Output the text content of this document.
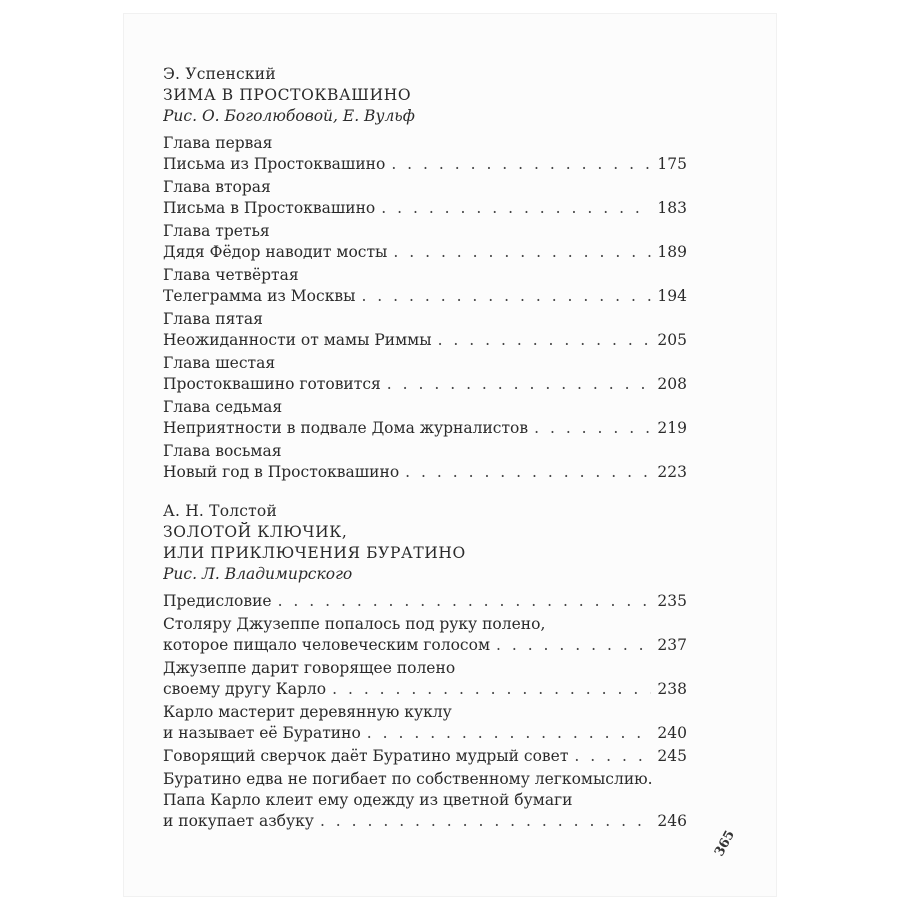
Э. Успенский
ЗИМА В ПРОСТОКВАШИНО
Рис. О. Боголюбовой, Е. Вульф
Глава первая
Письма из Простоквашино . . .	175
Глава вторая
Письма в Простоквашино . . .	183
Глава третья
Дядя Фёдор наводит мосты . . .	189
Глава четвёртая
Телеграмма из Москвы . . .	194
Глава пятая
Неожиданности от мамы Риммы . . .	205
Глава шестая
Простоквашино готовится . . .	208
Глава седьмая
Неприятности в подвале Дома журналистов . . .	219
Глава восьмая
Новый год в Простоквашино . . .	223
А. Н. Толстой
ЗОЛОТОЙ КЛЮЧИК,
ИЛИ ПРИКЛЮЧЕНИЯ БУРАТИНО
Рис. Л. Владимирского
Предисловие . . .	235
Столяру Джузеппе попалось под руку полено,
которое пищало человеческим голосом . . .	237
Джузеппе дарит говорящее полено
своему другу Карло . . .	238
Карло мастерит деревянную куклу
и называет её Буратино . . .	240
Говорящий сверчок даёт Буратино мудрый совет . . .	245
Буратино едва не погибает по собственному легкомыслию.
Папа Карло клеит ему одежду из цветной бумаги
и покупает азбуку . . .	246
365
